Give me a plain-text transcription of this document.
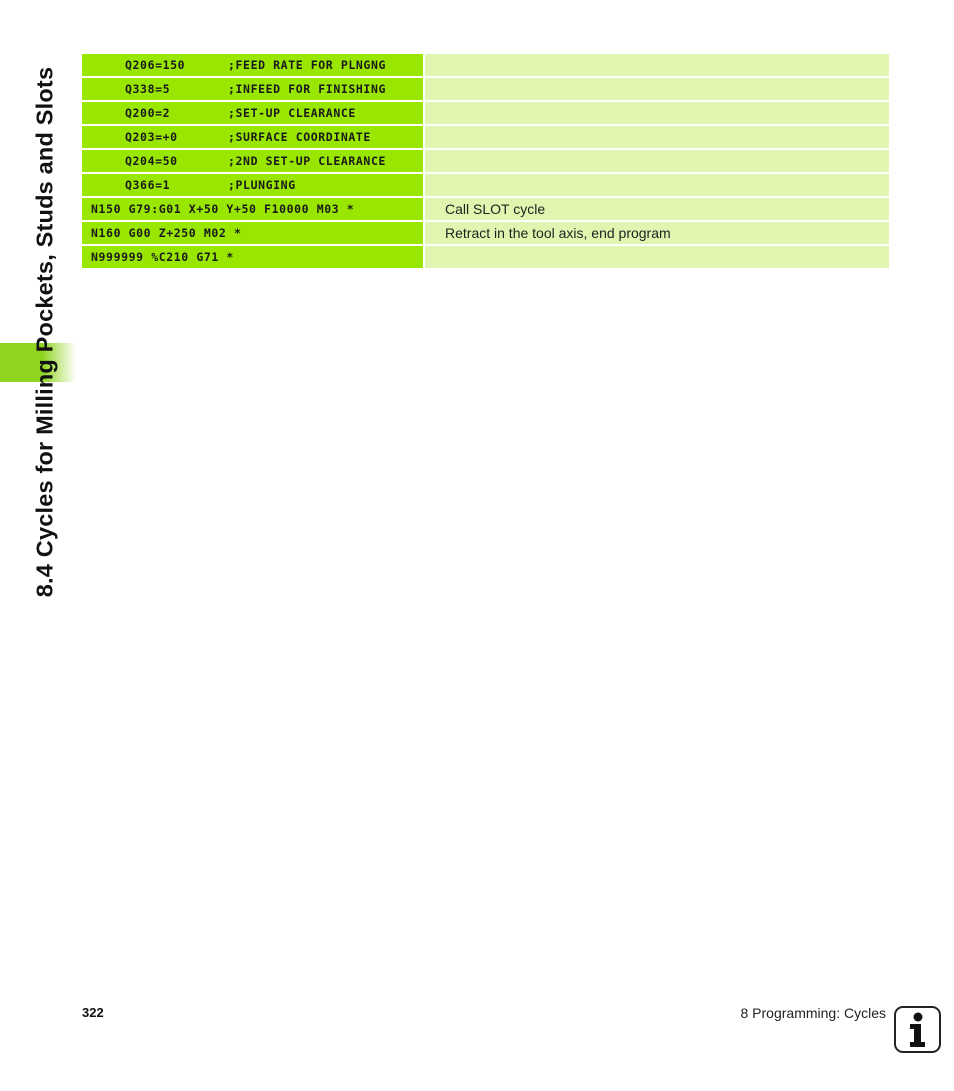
8.4 Cycles for Milling Pockets, Studs and Slots
Q206=150	;FEED RATE FOR PLNGNG
Q338=5	;INFEED FOR FINISHING
Q200=2	;SET-UP CLEARANCE
Q203=+0	;SURFACE COORDINATE
Q204=50	;2ND SET-UP CLEARANCE
Q366=1	;PLUNGING
N150 G79:G01 X+50 Y+50 F10000 M03 *	Call SLOT cycle
N160 G00 Z+250 M02 *	Retract in the tool axis, end program
N999999 %C210 G71 *
322	8 Programming: Cycles
